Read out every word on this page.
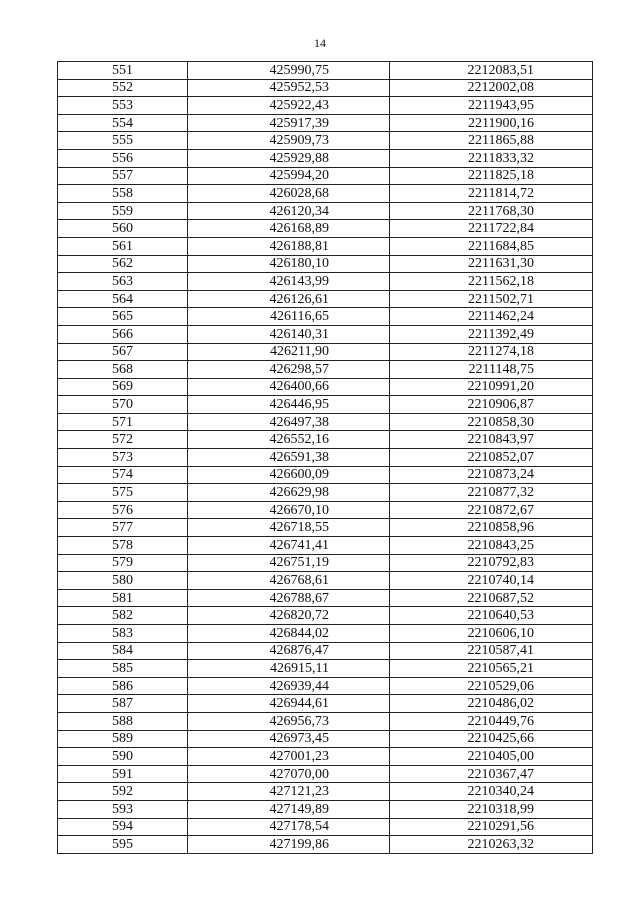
14
551	425990,75	2212083,51
552	425952,53	2212002,08
553	425922,43	2211943,95
554	425917,39	2211900,16
555	425909,73	2211865,88
556	425929,88	2211833,32
557	425994,20	2211825,18
558	426028,68	2211814,72
559	426120,34	2211768,30
560	426168,89	2211722,84
561	426188,81	2211684,85
562	426180,10	2211631,30
563	426143,99	2211562,18
564	426126,61	2211502,71
565	426116,65	2211462,24
566	426140,31	2211392,49
567	426211,90	2211274,18
568	426298,57	2211148,75
569	426400,66	2210991,20
570	426446,95	2210906,87
571	426497,38	2210858,30
572	426552,16	2210843,97
573	426591,38	2210852,07
574	426600,09	2210873,24
575	426629,98	2210877,32
576	426670,10	2210872,67
577	426718,55	2210858,96
578	426741,41	2210843,25
579	426751,19	2210792,83
580	426768,61	2210740,14
581	426788,67	2210687,52
582	426820,72	2210640,53
583	426844,02	2210606,10
584	426876,47	2210587,41
585	426915,11	2210565,21
586	426939,44	2210529,06
587	426944,61	2210486,02
588	426956,73	2210449,76
589	426973,45	2210425,66
590	427001,23	2210405,00
591	427070,00	2210367,47
592	427121,23	2210340,24
593	427149,89	2210318,99
594	427178,54	2210291,56
595	427199,86	2210263,32
